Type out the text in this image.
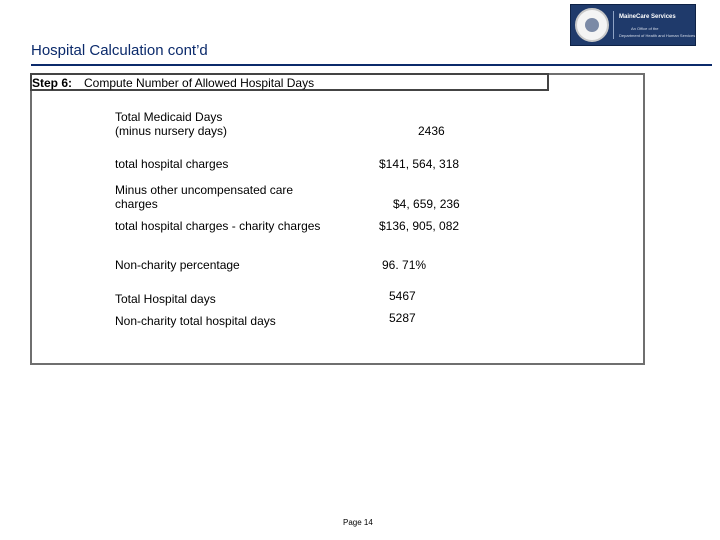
MaineCare Services
An Office of the
Department of Health and Human Services
Hospital Calculation cont’d
Step 6: Compute Number of Allowed Hospital Days
Total Medicaid Days
(minus nursery days)	2436
total hospital charges	$141, 564, 318
Minus other uncompensated care
charges	$4, 659, 236
total hospital charges - charity charges	$136, 905, 082
Non-charity percentage	96. 71%
Total Hospital days	5467
Non-charity total hospital days	5287
Page 14
